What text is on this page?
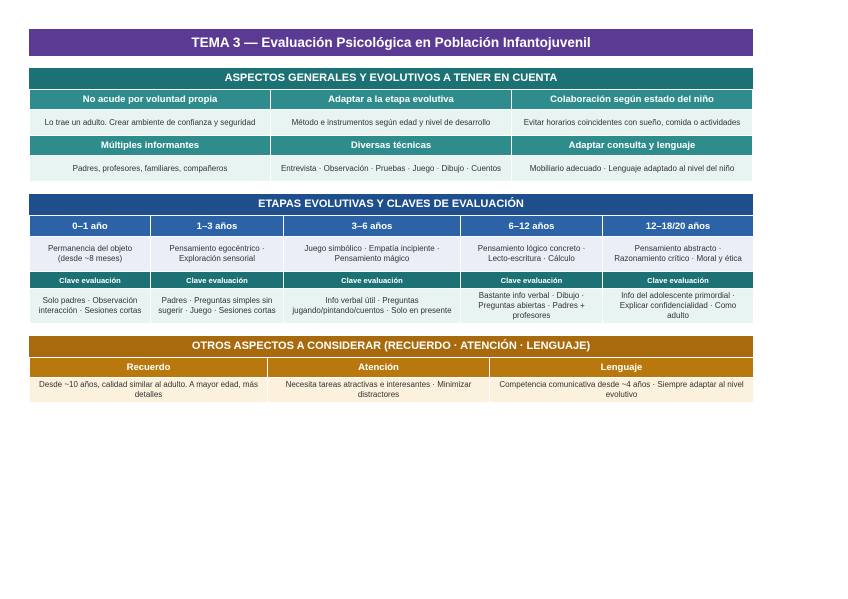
TEMA 3 — Evaluación Psicológica en Población Infantojuvenil
ASPECTOS GENERALES Y EVOLUTIVOS A TENER EN CUENTA
No acude por voluntad propia	Adaptar a la etapa evolutiva	Colaboración según estado del niño
Lo trae un adulto. Crear ambiente de confianza y seguridad	Método e instrumentos según edad y nivel de desarrollo	Evitar horarios coincidentes con sueño, comida o actividades
Múltiples informantes	Diversas técnicas	Adaptar consulta y lenguaje
Padres, profesores, familiares, compañeros	Entrevista · Observación · Pruebas · Juego · Dibujo · Cuentos	Mobiliario adecuado · Lenguaje adaptado al nivel del niño
ETAPAS EVOLUTIVAS Y CLAVES DE EVALUACIÓN
0–1 año	1–3 años	3–6 años	6–12 años	12–18/20 años
Permanencia del objeto (desde ~8 meses)	Pensamiento egocéntrico · Exploración sensorial	Juego simbólico · Empatía incipiente · Pensamiento mágico	Pensamiento lógico concreto · Lecto-escritura · Cálculo	Pensamiento abstracto · Razonamiento crítico · Moral y ética
Clave evaluación	Clave evaluación	Clave evaluación	Clave evaluación	Clave evaluación
Solo padres · Observación interacción · Sesiones cortas	Padres · Preguntas simples sin sugerir · Juego · Sesiones cortas	Info verbal útil · Preguntas jugando/pintando/cuentos · Solo en presente	Bastante info verbal · Dibujo · Preguntas abiertas · Padres + profesores	Info del adolescente primordial · Explicar confidencialidad · Como adulto
OTROS ASPECTOS A CONSIDERAR (RECUERDO · ATENCIÓN · LENGUAJE)
Recuerdo	Atención	Lenguaje
Desde ~10 años, calidad similar al adulto. A mayor edad, más detalles	Necesita tareas atractivas e interesantes · Minimizar distractores	Competencia comunicativa desde ~4 años · Siempre adaptar al nivel evolutivo
